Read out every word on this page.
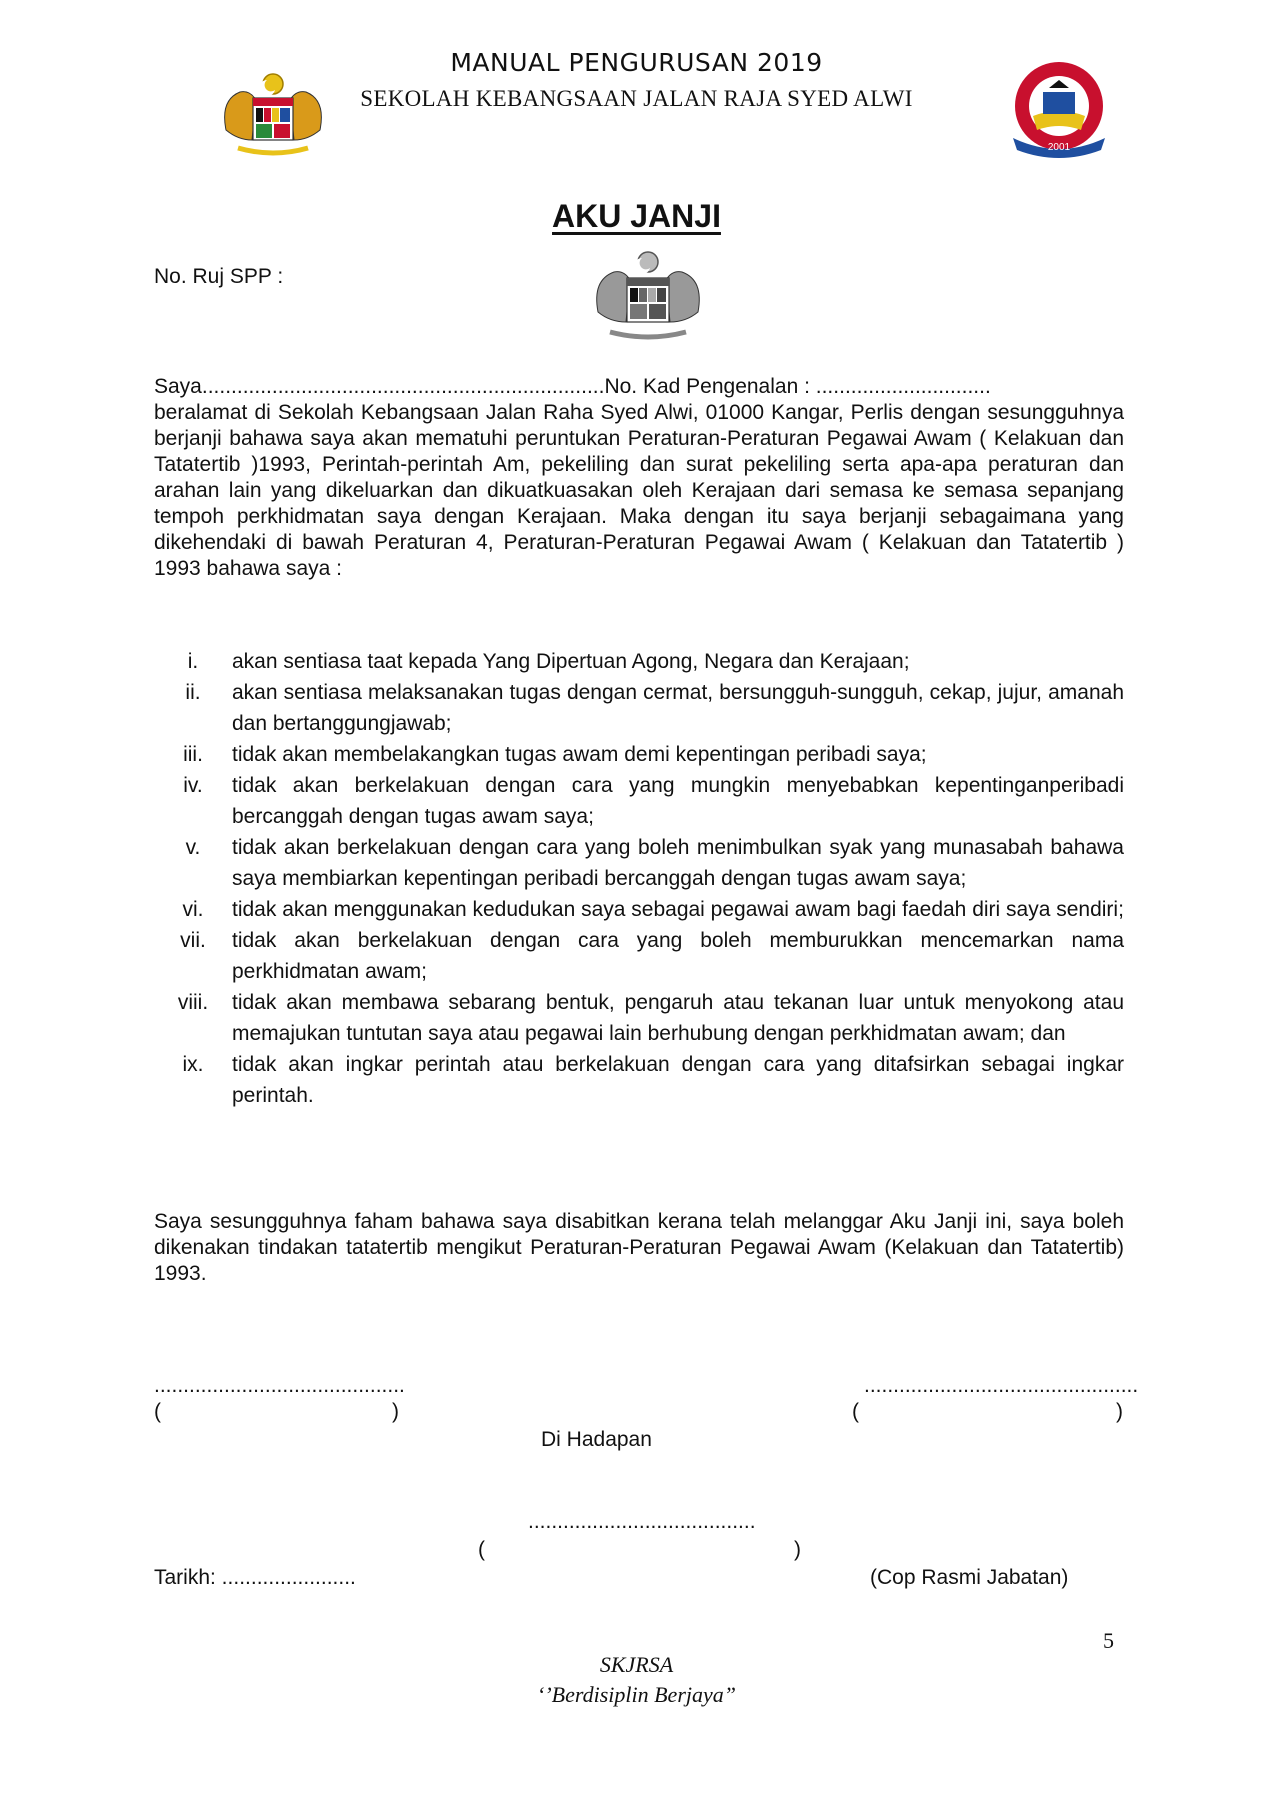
MANUAL PENGURUSAN 2019
SEKOLAH KEBANGSAAN JALAN RAJA SYED ALWI
2001
AKU JANJI
No. Ruj SPP :
Saya.....................................................................No. Kad Pengenalan : ..............................
beralamat di Sekolah Kebangsaan Jalan Raha Syed Alwi, 01000 Kangar, Perlis dengan sesungguhnya berjanji bahawa saya akan mematuhi peruntukan Peraturan-Peraturan Pegawai Awam ( Kelakuan dan Tatatertib )1993, Perintah-perintah Am, pekeliling dan surat pekeliling serta apa-apa peraturan dan arahan lain yang dikeluarkan dan dikuatkuasakan oleh Kerajaan dari semasa ke semasa sepanjang tempoh perkhidmatan saya dengan Kerajaan. Maka dengan itu saya berjanji sebagaimana yang dikehendaki di bawah Peraturan 4, Peraturan-Peraturan Pegawai Awam ( Kelakuan dan Tatatertib ) 1993 bahawa saya :
i.	akan sentiasa taat kepada Yang Dipertuan Agong, Negara dan Kerajaan;
ii.	akan sentiasa melaksanakan tugas dengan cermat, bersungguh-sungguh, cekap, jujur, amanah dan bertanggungjawab;
iii.	tidak akan membelakangkan tugas awam demi kepentingan peribadi saya;
iv.	tidak akan berkelakuan dengan cara yang mungkin menyebabkan kepentinganperibadi bercanggah dengan tugas awam saya;
v.	tidak akan berkelakuan dengan cara yang boleh menimbulkan syak yang munasabah bahawa saya membiarkan kepentingan peribadi bercanggah dengan tugas awam saya;
vi.	tidak akan menggunakan kedudukan saya sebagai pegawai awam bagi faedah diri saya sendiri;
vii.	tidak akan berkelakuan dengan cara yang boleh memburukkan mencemarkan nama perkhidmatan awam;
viii.	tidak akan membawa sebarang bentuk, pengaruh atau tekanan luar untuk menyokong atau memajukan tuntutan saya atau pegawai lain berhubung dengan perkhidmatan awam; dan
ix.	tidak akan ingkar perintah atau berkelakuan dengan cara yang ditafsirkan sebagai ingkar perintah.
Saya sesungguhnya faham bahawa saya disabitkan kerana telah melanggar Aku Janji ini, saya boleh dikenakan tindakan tatatertib mengikut Peraturan-Peraturan Pegawai Awam (Kelakuan dan Tatatertib) 1993.
...........................................	...............................................
(	)	(	)
Di Hadapan
.......................................
(	)
Tarikh: .......................	(Cop Rasmi Jabatan)
5
SKJRSA
‘’Berdisiplin Berjaya”
